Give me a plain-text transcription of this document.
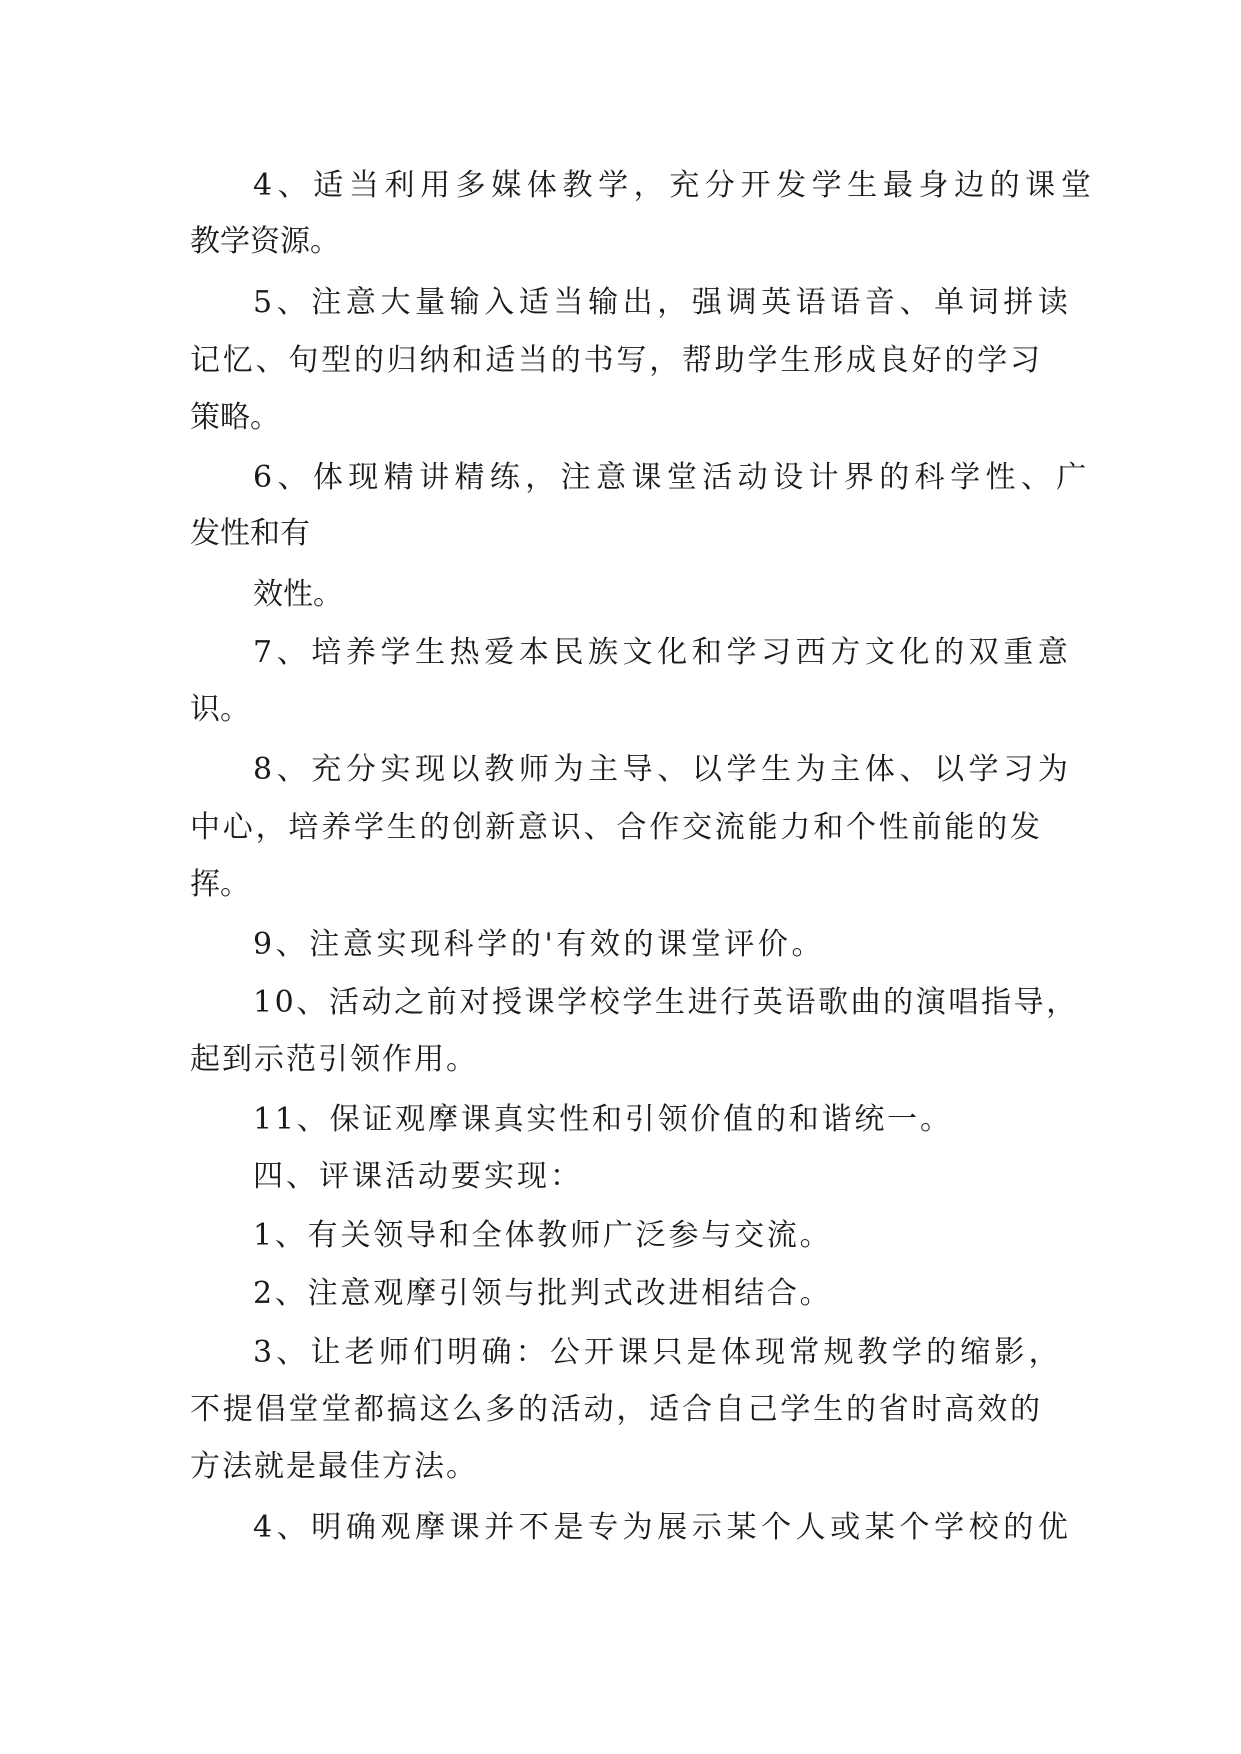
4、适当利用多媒体教学，充分开发学生最身边的课堂

教学资源。

5、注意大量输入适当输出，强调英语语音、单词拼读

记忆、句型的归纳和适当的书写，帮助学生形成良好的学习

策略。

6、体现精讲精练，注意课堂活动设计界的科学性、广

发性和有

效性。

7、培养学生热爱本民族文化和学习西方文化的双重意

识。

8、充分实现以教师为主导、以学生为主体、以学习为

中心，培养学生的创新意识、合作交流能力和个性前能的发

挥。

9、注意实现科学的'有效的课堂评价。

10、活动之前对授课学校学生进行英语歌曲的演唱指导，

起到示范引领作用。

11、保证观摩课真实性和引领价值的和谐统一。

四、评课活动要实现：

1、有关领导和全体教师广泛参与交流。

2、注意观摩引领与批判式改进相结合。

3、让老师们明确：公开课只是体现常规教学的缩影，

不提倡堂堂都搞这么多的活动，适合自己学生的省时高效的

方法就是最佳方法。

4、明确观摩课并不是专为展示某个人或某个学校的优
